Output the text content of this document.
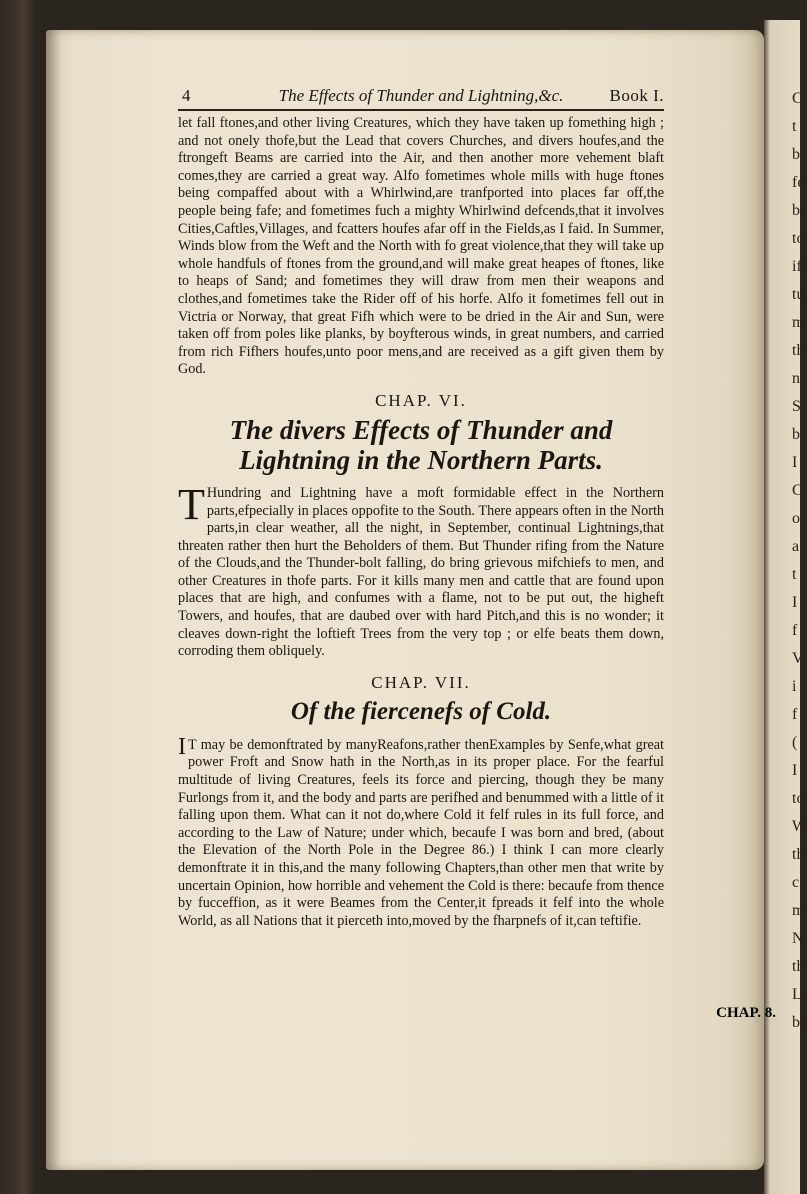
C
t
b
fe
bi
to
ift
tu
m
th
n
S
b
I
C
o
a
t
I
f
V
i
f
(
I
to
W
th
c
m
N
th
Li
ba
4	The Effects of Thunder and Lightning,&c.	Book I.

let fall ftones,and other living Creatures, which they have taken up fomething high ; and not onely thofe,but the Lead that covers Churches, and divers houfes,and the ftrongeft Beams are carried into the Air, and then another more vehement blaft comes,they are carried a great way. Alfo fometimes whole mills with huge ftones being compaffed about with a Whirlwind,are tranfported into places far off,the people being fafe; and fometimes fuch a mighty Whirlwind defcends,that it involves Cities,Caftles,Villages, and fcatters houfes afar off in the Fields,as I faid. In Summer, Winds blow from the Weft and the North with fo great violence,that they will take up whole handfuls of ftones from the ground,and will make great heapes of ftones, like to heaps of Sand; and fometimes they will draw from men their weapons and clothes,and fometimes take the Rider off of his horfe. Alfo it fometimes fell out in Victria or Norway, that great Fifh which were to be dried in the Air and Sun, were taken off from poles like planks, by boyfterous winds, in great numbers, and carried from rich Fifhers houfes,unto poor mens,and are received as a gift given them by God.

CHAP. VI.
The divers Effects of Thunder and Lightning in the Northern Parts.

T Hundring and Lightning have a moft formidable effect in the Northern parts,efpecially in places oppofite to the South. There appears often in the North parts,in clear weather, all the night, in September, continual Lightnings,that threaten rather then hurt the Beholders of them. But Thunder rifing from the Nature of the Clouds,and the Thunder-bolt falling, do bring grievous mifchiefs to men, and other Creatures in thofe parts. For it kills many men and cattle that are found upon places that are high, and confumes with a flame, not to be put out, the higheft Towers, and houfes, that are daubed over with hard Pitch,and this is no wonder; it cleaves down-right the loftieft Trees from the very top ; or elfe beats them down, corroding them obliquely.

CHAP. VII.
Of the fiercenefs of Cold.

I T may be demonftrated by manyReafons,rather thenExamples by Senfe,what great power Froft and Snow hath in the North,as in its proper place. For the fearful multitude of living Creatures, feels its force and piercing, though they be many Furlongs from it, and the body and parts are perifhed and benummed with a little of it falling upon them. What can it not do,where Cold it felf rules in its full force, and according to the Law of Nature; under which, becaufe I was born and bred, (about the Elevation of the North Pole in the Degree 86.) I think I can more clearly demonftrate it in this,and the many following Chapters,than other men that write by uncertain Opinion, how horrible and vehement the Cold is there: becaufe from thence by fucceffion, as it were Beames from the Center,it fpreads it felf into the whole World, as all Nations that it pierceth into,moved by the fharpnefs of it,can teftifie.

CHAP. 8.
